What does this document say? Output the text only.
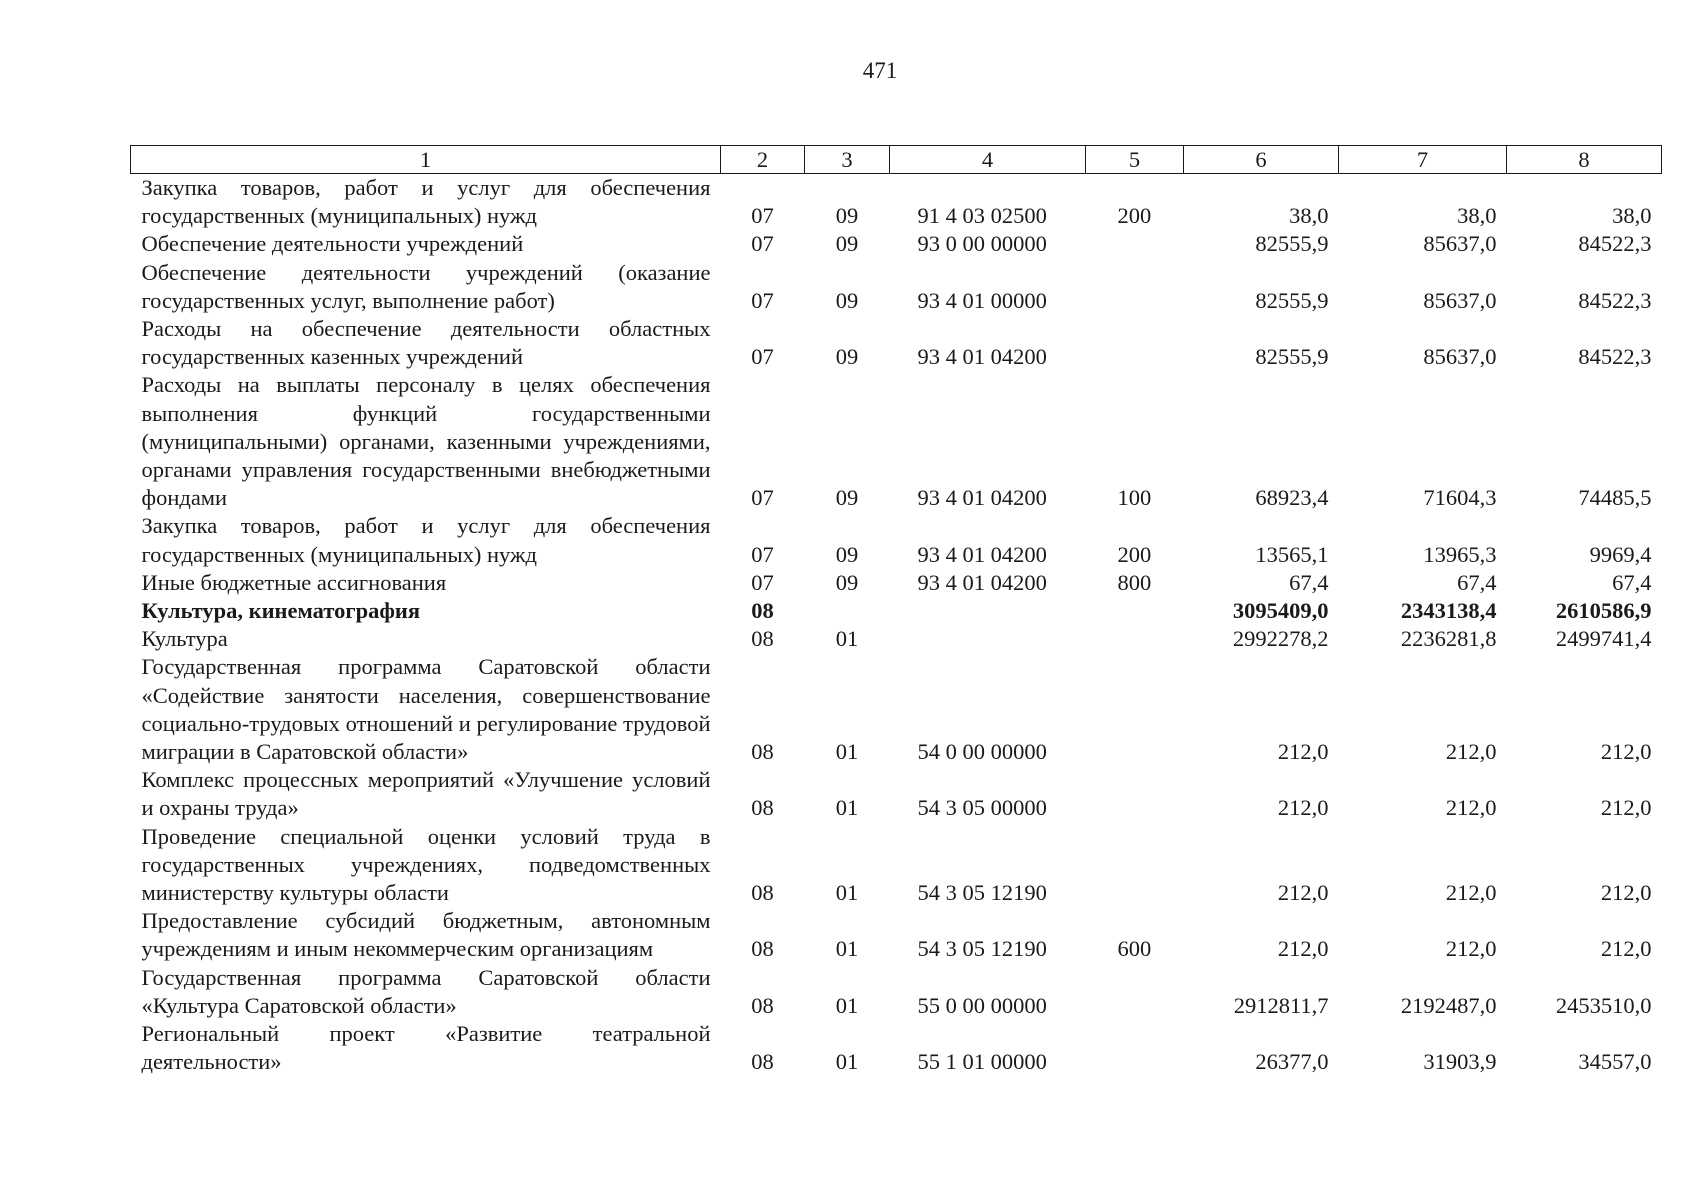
471
1	2	3	4	5	6	7	8
Закупка товаров, работ и услуг для обеспечения государственных (муниципальных) нужд	07	09	91 4 03 02500	200	38,0	38,0	38,0
Обеспечение деятельности учреждений	07	09	93 0 00 00000		82555,9	85637,0	84522,3
Обеспечение деятельности учреждений (оказание государственных услуг, выполнение работ)	07	09	93 4 01 00000		82555,9	85637,0	84522,3
Расходы на обеспечение деятельности областных государственных казенных учреждений	07	09	93 4 01 04200		82555,9	85637,0	84522,3
Расходы на выплаты персоналу в целях обеспечения выполнения функций государственными (муниципальными) органами, казенными учреждениями, органами управления государственными внебюджетными фондами	07	09	93 4 01 04200	100	68923,4	71604,3	74485,5
Закупка товаров, работ и услуг для обеспечения государственных (муниципальных) нужд	07	09	93 4 01 04200	200	13565,1	13965,3	9969,4
Иные бюджетные ассигнования	07	09	93 4 01 04200	800	67,4	67,4	67,4
Культура, кинематография	08				3095409,0	2343138,4	2610586,9
Культура	08	01			2992278,2	2236281,8	2499741,4
Государственная программа Саратовской области «Содействие занятости населения, совершенствование социально-трудовых отношений и регулирование трудовой миграции в Саратовской области»	08	01	54 0 00 00000		212,0	212,0	212,0
Комплекс процессных мероприятий «Улучшение условий и охраны труда»	08	01	54 3 05 00000		212,0	212,0	212,0
Проведение специальной оценки условий труда в государственных учреждениях, подведомственных министерству культуры области	08	01	54 3 05 12190		212,0	212,0	212,0
Предоставление субсидий бюджетным, автономным учреждениям и иным некоммерческим организациям	08	01	54 3 05 12190	600	212,0	212,0	212,0
Государственная программа Саратовской области «Культура Саратовской области»	08	01	55 0 00 00000		2912811,7	2192487,0	2453510,0
Региональный проект «Развитие театральной деятельности»	08	01	55 1 01 00000		26377,0	31903,9	34557,0
